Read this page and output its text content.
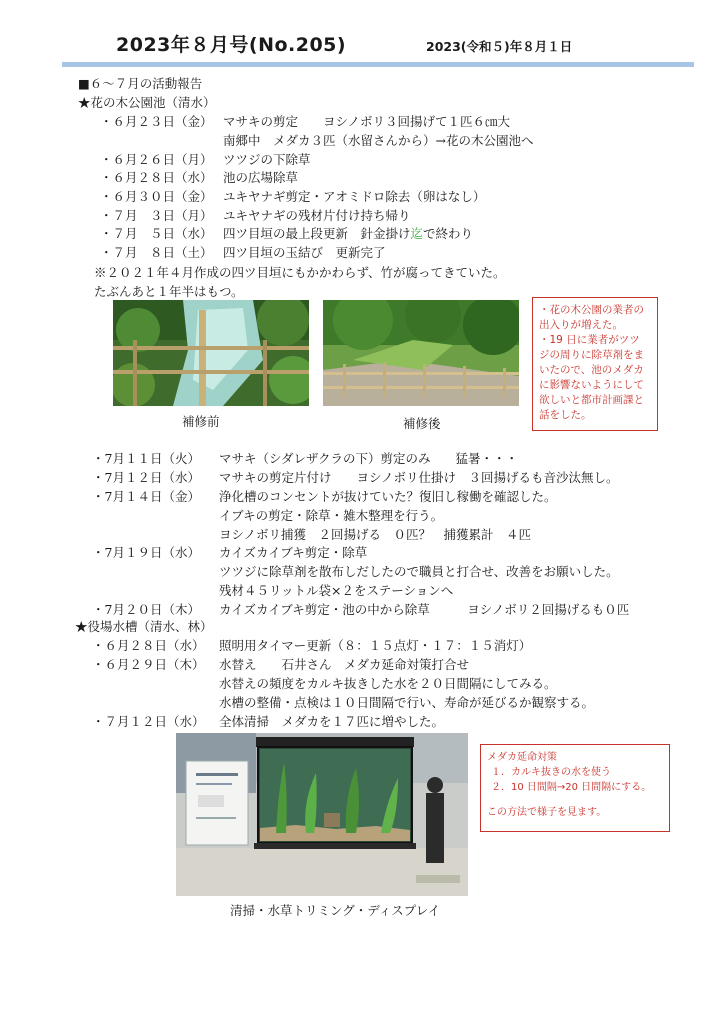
2023年８月号(No.205)	2023(令和５)年８月１日
■６～７月の活動報告
★花の木公園池（清水）
・６月２３日（金） マサキの剪定　　ヨシノボリ３回揚げて１匹６㎝大
南郷中　メダカ３匹（水留さんから）→花の木公園池へ
・６月２６日（月） ツツジの下除草
・６月２８日（水） 池の広場除草
・６月３０日（金） ユキヤナギ剪定・アオミドロ除去（卵はなし）
・７月　３日（月） ユキヤナギの残材片付け持ち帰り
・７月　５日（水） 四ツ目垣の最上段更新　針金掛け迄で終わり
・７月　８日（土） 四ツ目垣の玉結び　更新完了
※２０２１年４月作成の四ツ目垣にもかかわらず、竹が腐ってきていた。
たぶんあと１年半はもつ。
補修前	補修後
・花の木公園の業者の
出入りが増えた。
・19 日に業者がツツ
ジの周りに除草剤をま
いたので、池のメダカ
に影響ないようにして
欲しいと都市計画課と
話をした。
・7月１１日（火） マサキ（シダレザクラの下）剪定のみ　　猛暑・・・
・7月１２日（水） マサキの剪定片付け　　ヨシノボリ仕掛け　３回揚げるも音沙汰無し。
・7月１４日（金） 浄化槽のコンセントが抜けていた？復旧し稼働を確認した。
イブキの剪定・除草・雑木整理を行う。
ヨシノボリ捕獲　２回揚げる　０匹？　捕獲累計　４匹
・7月１９日（水） カイズカイブキ剪定・除草
ツツジに除草剤を散布しだしたので職員と打合せ、改善をお願いした。
残材４５リットル袋×２をステーションへ
・7月２０日（木） カイズカイブキ剪定・池の中から除草　　　ヨシノボリ２回揚げるも０匹
★役場水槽（清水、林）
・６月２８日（水） 照明用タイマー更新（８：１５点灯・１７：１５消灯）
・６月２９日（木） 水替え　　石井さん　メダカ延命対策打合せ
水替えの頻度をカルキ抜きした水を２０日間隔にしてみる。
水槽の整備・点検は１０日間隔で行い、寿命が延びるか観察する。
・７月１２日（水） 全体清掃　メダカを１７匹に増やした。
清掃・水草トリミング・ディスプレイ
メダカ延命対策
１．カルキ抜きの水を使う
２．10 日間隔→20 日間隔にする。
この方法で様子を見ます。
